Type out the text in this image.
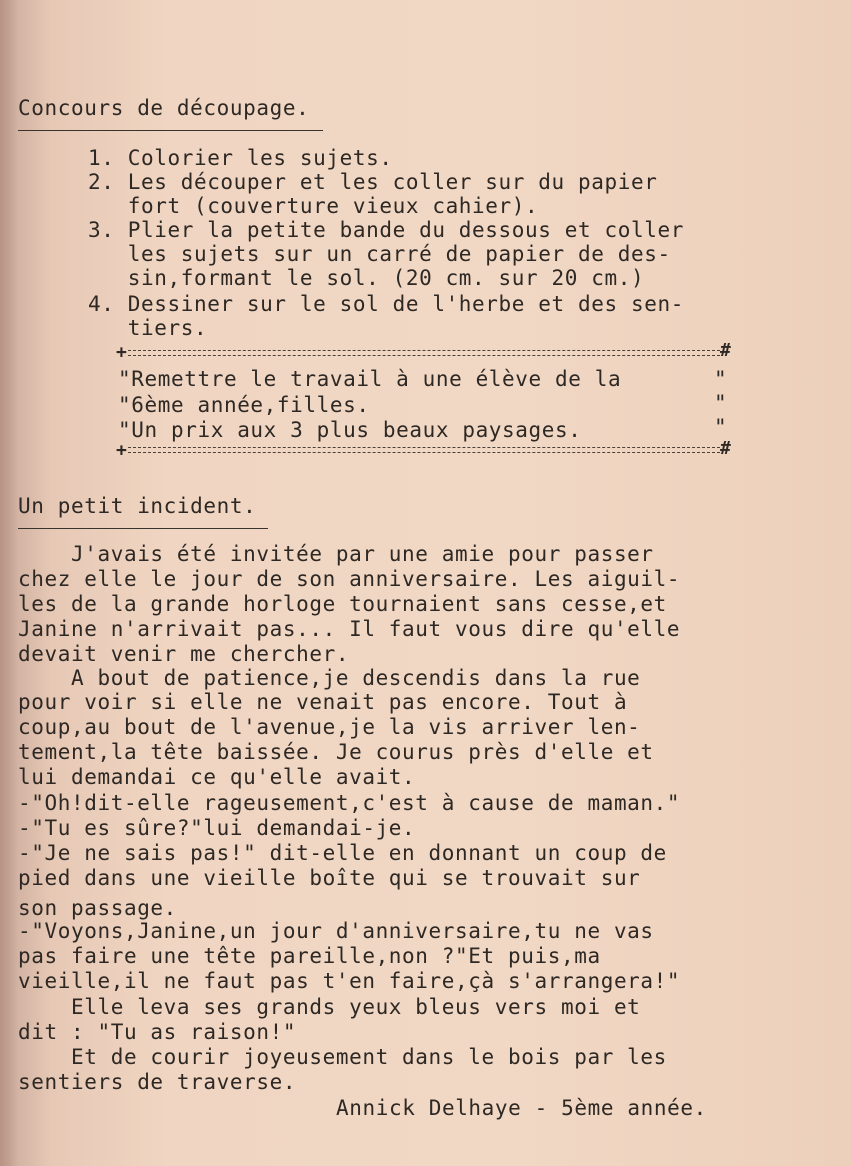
Concours de découpage.
1. Colorier les sujets.
2. Les découper et les coller sur du papier
fort (couverture vieux cahier).
3. Plier la petite bande du dessous et coller
les sujets sur un carré de papier de des-
sin,formant le sol. (20 cm. sur 20 cm.)
4. Dessiner sur le sol de l'herbe et des sen-
tiers.
+	#
"Remettre le travail à une élève de la
"6ème année,filles.
"Un prix aux 3 plus beaux paysages.
"
"
"
+	#
Un petit incident.
J'avais été invitée par une amie pour passer
chez elle le jour de son anniversaire. Les aiguil-
les de la grande horloge tournaient sans cesse,et
Janine n'arrivait pas... Il faut vous dire qu'elle
devait venir me chercher.
A bout de patience,je descendis dans la rue
pour voir si elle ne venait pas encore. Tout à
coup,au bout de l'avenue,je la vis arriver len-
tement,la tête baissée. Je courus près d'elle et
lui demandai ce qu'elle avait.
-"Oh!dit-elle rageusement,c'est à cause de maman."
-"Tu es sûre?"lui demandai-je.
-"Je ne sais pas!" dit-elle en donnant un coup de
pied dans une vieille boîte qui se trouvait sur
son passage.
-"Voyons,Janine,un jour d'anniversaire,tu ne vas
pas faire une tête pareille,non ?"Et puis,ma
vieille,il ne faut pas t'en faire,çà s'arrangera!"
Elle leva ses grands yeux bleus vers moi et
dit : "Tu as raison!"
Et de courir joyeusement dans le bois par les
sentiers de traverse.
Annick Delhaye - 5ème année.
